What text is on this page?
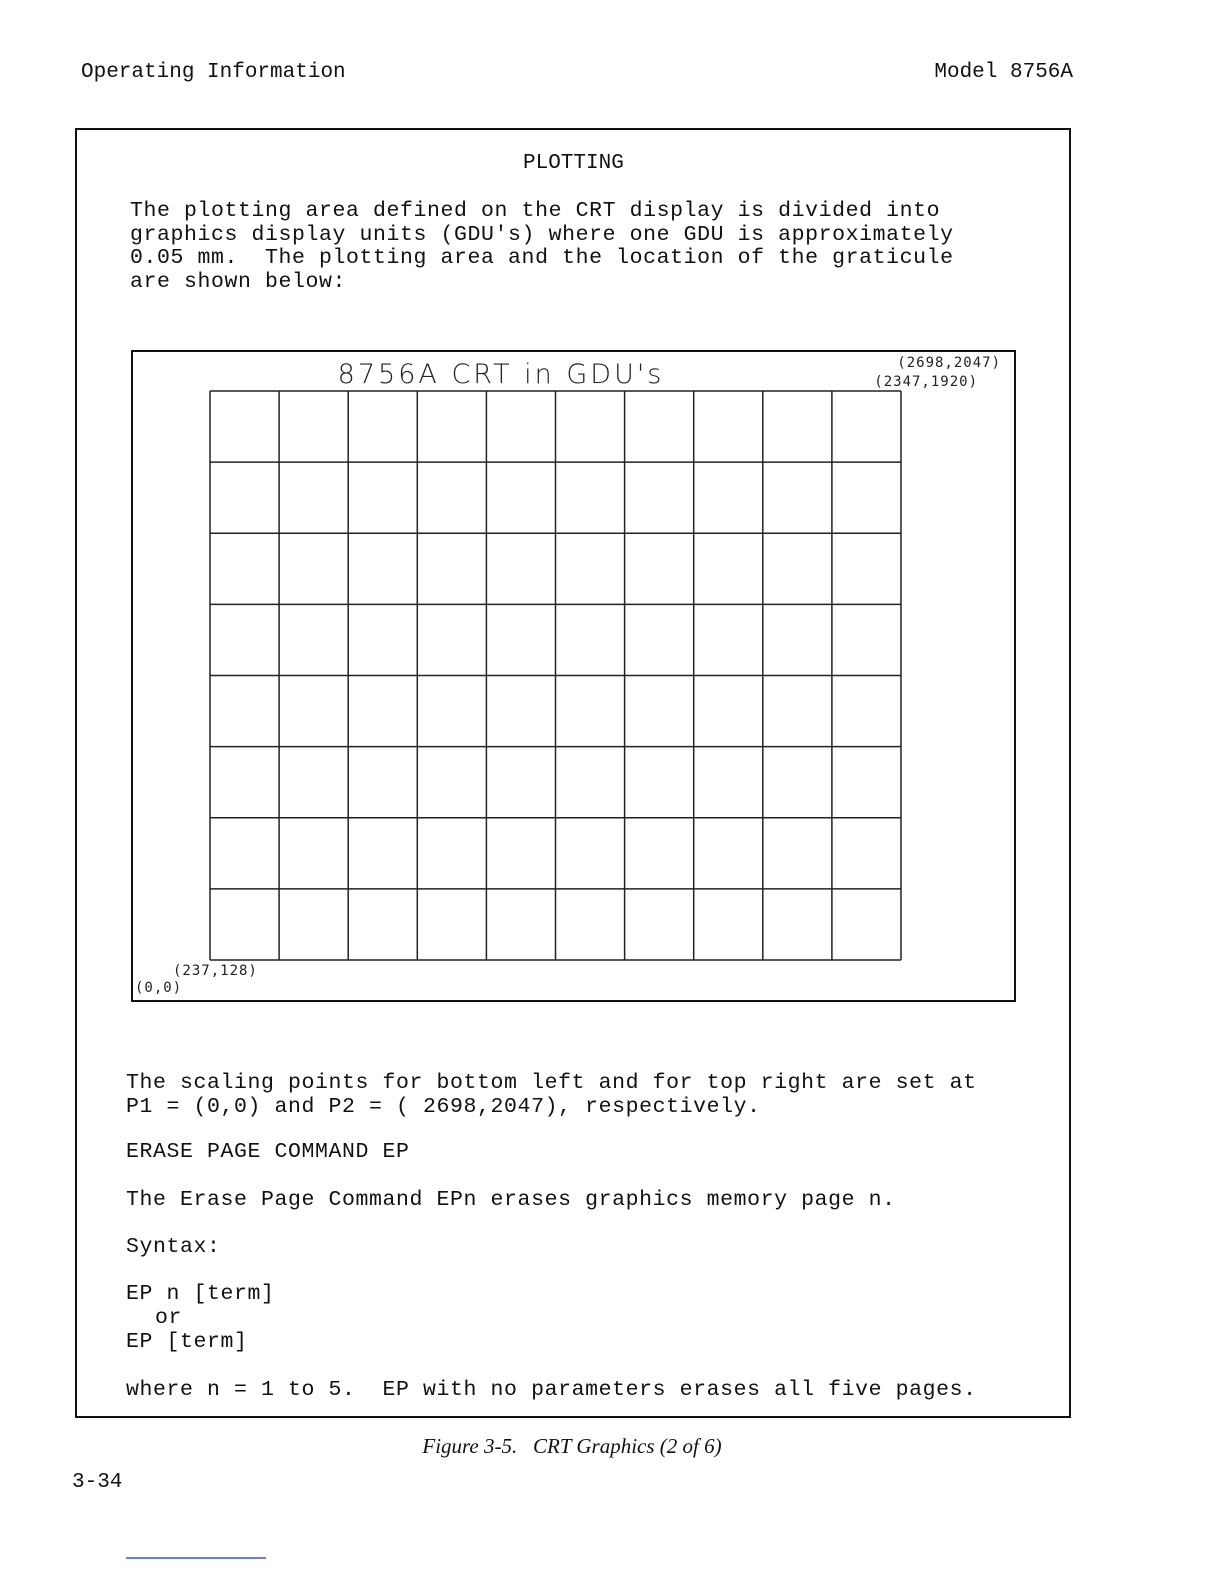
Operating Information	Model 8756A
PLOTTING
The plotting area defined on the CRT display is divided into
graphics display units (GDU's) where one GDU is approximately
0.05 mm.  The plotting area and the location of the graticule
are shown below:
8756A CRT in GDU's	(2698,2047)
(2347,1920)
(237,128)
(0,0)
The scaling points for bottom left and for top right are set at
P1 = (0,0) and P2 = ( 2698,2047), respectively.
ERASE PAGE COMMAND EP
The Erase Page Command EPn erases graphics memory page n.
Syntax:
EP n [term]
or
EP [term]
where n = 1 to 5.  EP with no parameters erases all five pages.
Figure 3-5.   CRT Graphics (2 of 6)
3-34
